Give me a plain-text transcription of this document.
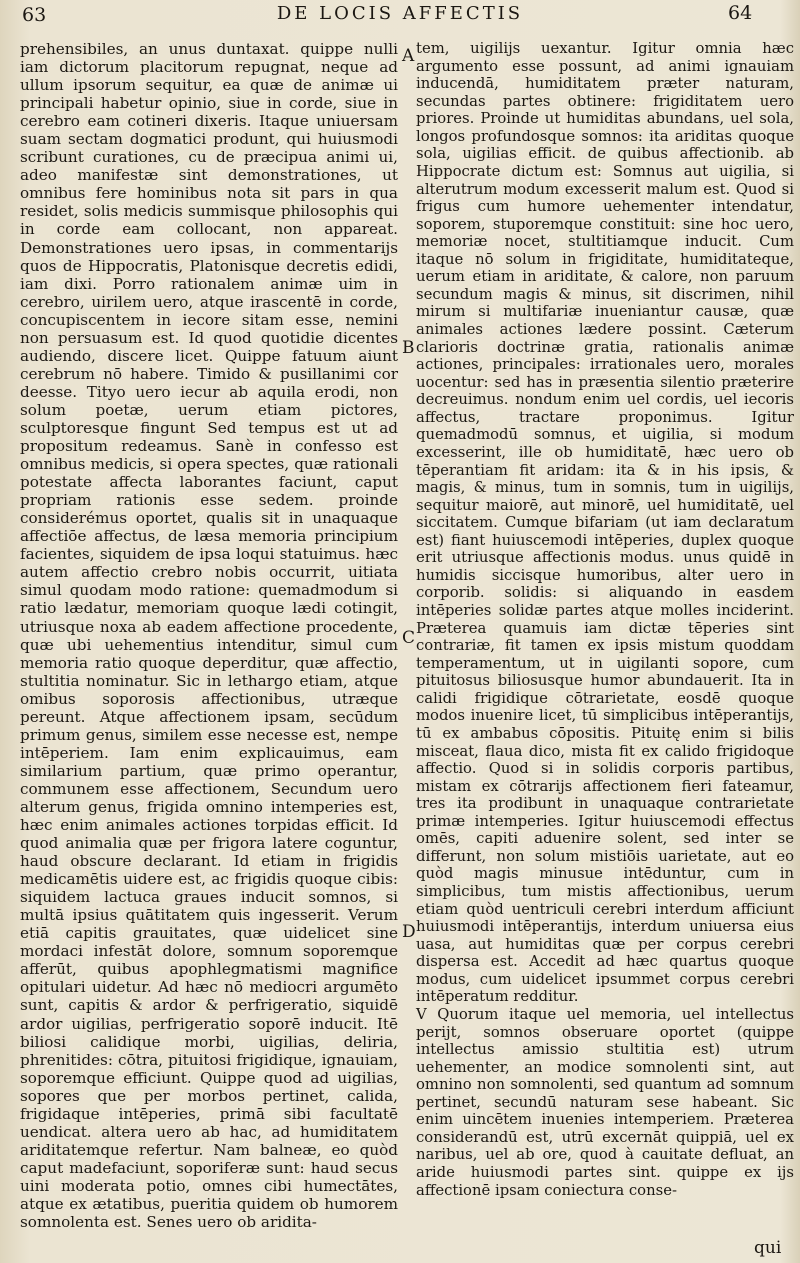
63	DE LOCIS AFFECTIS	64

prehensibiles, an unus duntaxat. quippe nulli iam dictorum placitorum repugnat, neque ad ullum ipsorum sequitur, ea quæ de animæ ui principali habetur opinio, siue in corde, siue in cerebro eam cotineri dixeris. Itaque uniuersam suam sectam dogmatici produnt, qui huiusmodi scribunt curationes, cu de præcipua animi ui, adeo manifestæ sint demonstrationes, ut omnibus fere hominibus nota sit pars in qua residet, solis medicis summisque philosophis qui in corde eam collocant, non appareat. Demonstrationes uero ipsas, in commentarijs quos de Hippocratis, Platonisque decretis edidi, iam dixi. Porro rationalem animæ uim in cerebro, uirilem uero, atque irascentē in corde, concupiscentem in iecore sitam esse, nemini non persuasum est. Id quod quotidie dicentes audiendo, discere licet. Quippe fatuum aiunt cerebrum nō habere. Timido & pusillanimi cor deesse. Tityo uero iecur ab aquila erodi, non solum poetæ, uerum etiam pictores, sculptoresque fingunt Sed tempus est ut ad propositum redeamus. Sanè in confesso est omnibus medicis, si opera spectes, quæ rationali potestate affecta laborantes faciunt, caput propriam rationis esse sedem. proinde considerémus oportet, qualis sit in unaquaque affectiōe affectus, de læsa memoria principium facientes, siquidem de ipsa loqui statuimus. hæc autem affectio crebro nobis occurrit, uitiata simul quodam modo ratione: quemadmodum si ratio lædatur, memoriam quoque lædi cotingit, utriusque noxa ab eadem affectione procedente, quæ ubi uehementius intenditur, simul cum memoria ratio quoque deperditur, quæ affectio, stultitia nominatur. Sic in lethargo etiam, atque omibus soporosis affectionibus, utræque pereunt. Atque affectionem ipsam, secūdum primum genus, similem esse necesse est, nempe intēperiem. Iam enim explicauimus, eam similarium partium, quæ primo operantur, communem esse affectionem, Secundum uero alterum genus, frigida omnino intemperies est, hæc enim animales actiones torpidas efficit. Id quod animalia quæ per frigora latere coguntur, haud obscure declarant. Id etiam in frigidis medicamētis uidere est, ac frigidis quoque cibis: siquidem lactuca graues inducit somnos, si multā ipsius quātitatem quis ingesserit. Verum etiā capitis grauitates, quæ uidelicet sine mordaci infestāt dolore, somnum soporemque afferūt, quibus apophlegmatismi magnifice opitulari uidetur. Ad hæc nō mediocri argumēto sunt, capitis & ardor & perfrigeratio, siquidē ardor uigilias, perfrigeratio soporē inducit. Itē biliosi calidique morbi, uigilias, deliria, phrenitides: cōtra, pituitosi frigidique, ignauiam, soporemque efficiunt. Quippe quod ad uigilias, sopores que per morbos pertinet, calida, frigidaque intēperies, primā sibi facultatē uendicat. altera uero ab hac, ad humiditatem ariditatemque refertur. Nam balneæ, eo quòd caput madefaciunt, soporiferæ sunt: haud secus uini moderata potio, omnes cibi humectātes, atque ex ætatibus, pueritia quidem ob humorem somnolenta est. Senes uero ob aridita-

A
B
C
D

tem, uigilijs uexantur. Igitur omnia hæc argumento esse possunt, ad animi ignauiam inducendā, humiditatem præter naturam, secundas partes obtinere: frigiditatem uero priores. Proinde ut humiditas abundans, uel sola, longos profundosque somnos: ita ariditas quoque sola, uigilias efficit. de quibus affectionib. ab Hippocrate dictum est: Somnus aut uigilia, si alterutrum modum excesserit malum est. Quod si frigus cum humore uehementer intendatur, soporem, stuporemque constituit: sine hoc uero, memoriæ nocet, stultitiamque inducit. Cum itaque nō solum in frigiditate, humiditateque, uerum etiam in ariditate, & calore, non paruum secundum magis & minus, sit discrimen, nihil mirum si multifariæ inueniantur causæ, quæ animales actiones lædere possint. Cæterum clarioris doctrinæ gratia, rationalis animæ actiones, principales: irrationales uero, morales uocentur: sed has in præsentia silentio præterire decreuimus. nondum enim uel cordis, uel iecoris affectus, tractare proponimus. Igitur quemadmodū somnus, et uigilia, si modum excesserint, ille ob humiditatē, hæc uero ob tēperantiam fit aridam: ita & in his ipsis, & magis, & minus, tum in somnis, tum in uigilijs, sequitur maiorē, aut minorē, uel humiditatē, uel siccitatem. Cumque bifariam (ut iam declaratum est) fiant huiuscemodi intēperies, duplex quoque erit utriusque affectionis modus. unus quidē in humidis siccisque humoribus, alter uero in corporib. solidis: si aliquando in easdem intēperies solidæ partes atque molles inciderint. Præterea quamuis iam dictæ tēperies sint contrariæ, fit tamen ex ipsis mistum quoddam temperamentum, ut in uigilanti sopore, cum pituitosus biliosusque humor abundauerit. Ita in calidi frigidique cōtrarietate, eosdē quoque modos inuenire licet, tū simplicibus intēperantijs, tū ex ambabus cōpositis. Pituitę enim si bilis misceat, flaua dico, mista fit ex calido frigidoque affectio. Quod si in solidis corporis partibus, mistam ex cōtrarijs affectionem fieri fateamur, tres ita prodibunt in unaquaque contrarietate primæ intemperies. Igitur huiuscemodi effectus omēs, capiti aduenire solent, sed inter se differunt, non solum mistiōis uarietate, aut eo quòd magis minusue intēduntur, cum in simplicibus, tum mistis affectionibus, uerum etiam quòd uentriculi cerebri interdum afficiunt huiusmodi intēperantijs, interdum uniuersa eius uasa, aut humiditas quæ per corpus cerebri dispersa est. Accedit ad hæc quartus quoque modus, cum uidelicet ipsummet corpus cerebri intēperatum redditur.

V Quorum itaque uel memoria, uel intellectus perijt, somnos obseruare oportet (quippe intellectus amissio stultitia est) utrum uehementer, an modice somnolenti sint, aut omnino non somnolenti, sed quantum ad somnum pertinet, secundū naturam sese habeant. Sic enim uincētem inuenies intemperiem. Præterea considerandū est, utrū excernāt quippiā, uel ex naribus, uel ab ore, quod à cauitate defluat, an aride huiusmodi partes sint. quippe ex ijs affectionē ipsam coniectura conse-

qui
